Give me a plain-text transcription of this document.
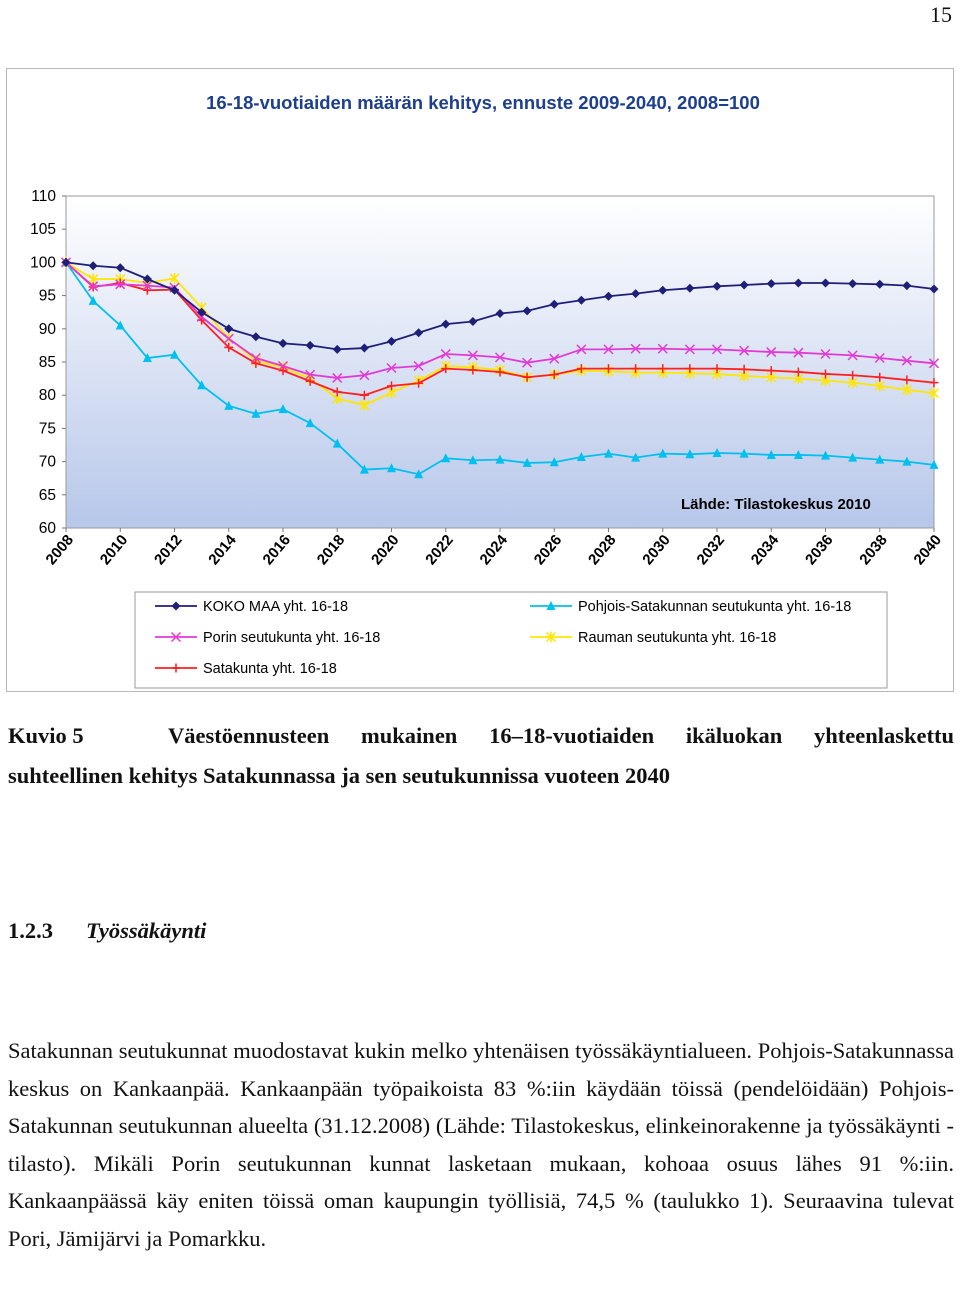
15
16-18-vuotiaiden määrän kehitys, ennuste 2009-2040, 2008=100
60
65
70
75
80
85
90
95
100
105
110
2008 2010 2012 2014 2016 2018 2020 2022 2024 2026 2028 2030 2032 2034 2036 2038 2040
Lähde: Tilastokeskus 2010
KOKO MAA yht. 16-18	Pohjois-Satakunnan seutukunta yht. 16-18
Porin seutukunta yht. 16-18	Rauman seutukunta yht. 16-18
Satakunta yht. 16-18
Kuvio 5	Väestöennusteen mukainen 16–18-vuotiaiden ikäluokan yhteenlaskettu suhteellinen kehitys Satakunnassa ja sen seutukunnissa vuoteen 2040
1.2.3 Työssäkäynti

Satakunnan seutukunnat muodostavat kukin melko yhtenäisen työssäkäyntialueen. Pohjois-Satakunnassa keskus on Kankaanpää. Kankaanpään työpaikoista 83 %:iin käydään töissä (pendelöidään) Pohjois-Satakunnan seutukunnan alueelta (31.12.2008) (Lähde: Tilastokeskus, elinkeinorakenne ja työssäkäynti -tilasto). Mikäli Porin seutukunnan kunnat lasketaan mukaan, kohoaa osuus lähes 91 %:iin. Kankaanpäässä käy eniten töissä oman kaupungin työllisiä, 74,5 % (taulukko 1). Seuraavina tulevat Pori, Jämijärvi ja Pomarkku.
